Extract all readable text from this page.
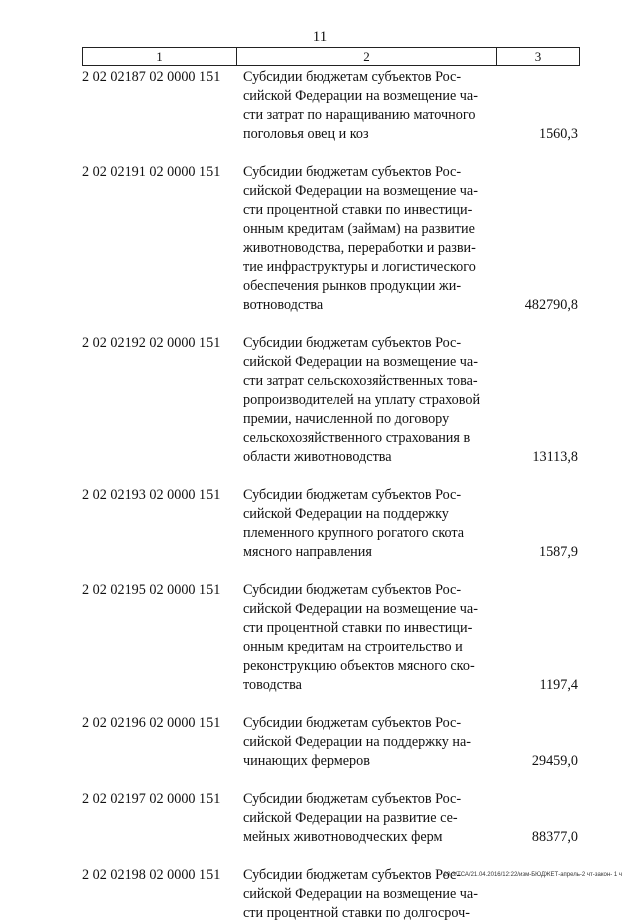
11
1	2	3
2 02 02187 02 0000 151	Субсидии бюджетам субъектов Рос-
сийской Федерации на возмещение ча-
сти затрат по наращиванию маточного
поголовья овец и коз	1560,3
2 02 02191 02 0000 151	Субсидии бюджетам субъектов Рос-
сийской Федерации на возмещение ча-
сти процентной ставки по инвестици-
онным кредитам (займам) на развитие
животноводства, переработки и разви-
тие инфраструктуры и логистического
обеспечения рынков продукции жи-
вотноводства	482790,8
2 02 02192 02 0000 151	Субсидии бюджетам субъектов Рос-
сийской Федерации на возмещение ча-
сти затрат сельскохозяйственных това-
ропроизводителей на уплату страховой
премии, начисленной по договору
сельскохозяйственного страхования в
области животноводства	13113,8
2 02 02193 02 0000 151	Субсидии бюджетам субъектов Рос-
сийской Федерации на поддержку
племенного крупного рогатого скота
мясного направления	1587,9
2 02 02195 02 0000 151	Субсидии бюджетам субъектов Рос-
сийской Федерации на возмещение ча-
сти процентной ставки по инвестици-
онным кредитам на строительство и
реконструкцию объектов мясного ско-
товодства	1197,4
2 02 02196 02 0000 151	Субсидии бюджетам субъектов Рос-
сийской Федерации на поддержку на-
чинающих фермеров	29459,0
2 02 02197 02 0000 151	Субсидии бюджетам субъектов Рос-
сийской Федерации на развитие се-
мейных животноводческих ферм	88377,0
2 02 02198 02 0000 151	Субсидии бюджетам субъектов Рос-
сийской Федерации на возмещение ча-
сти процентной ставки по долгосроч-
20.3/ТСА/21.04.2016/12:22/изм-БЮДЖЕТ-апрель-2 чт-закон- 1 ч
